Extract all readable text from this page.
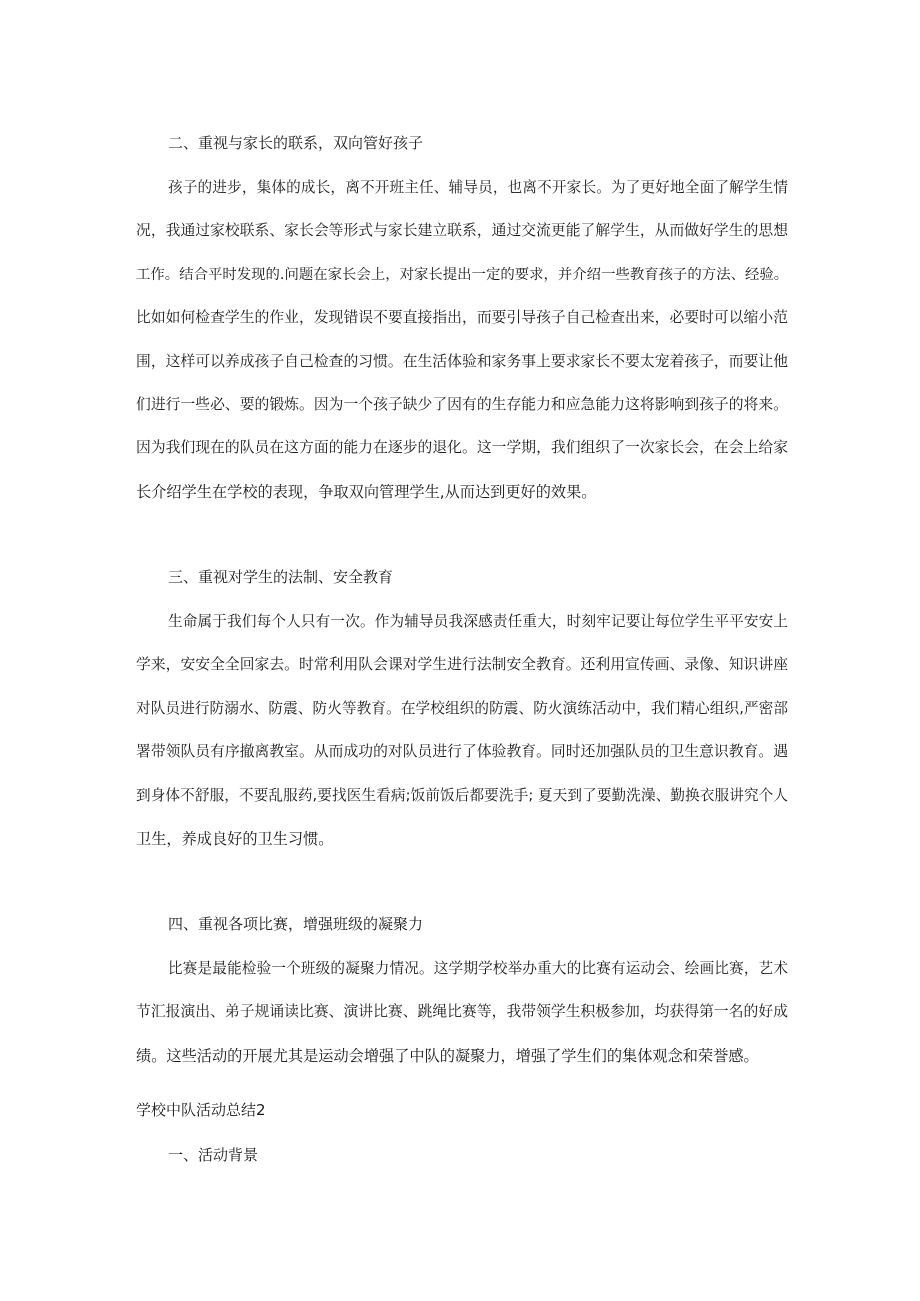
二、重视与家长的联系，双向管好孩子
孩子的进步，集体的成长，离不开班主任、辅导员，也离不开家长。为了更好地全面了解学生情
况，我通过家校联系、家长会等形式与家长建立联系，通过交流更能了解学生，从而做好学生的思想
工作。结合平时发现的.问题在家长会上，对家长提出一定的要求，并介绍一些教育孩子的方法、经验。
比如如何检查学生的作业，发现错误不要直接指出，而要引导孩子自己检查出来，必要时可以缩小范
围，这样可以养成孩子自己检查的习惯。在生活体验和家务事上要求家长不要太宠着孩子，而要让他
们进行一些必、要的锻炼。因为一个孩子缺少了因有的生存能力和应急能力这将影响到孩子的将来。
因为我们现在的队员在这方面的能力在逐步的退化。这一学期，我们组织了一次家长会，在会上给家
长介绍学生在学校的表现，争取双向管理学生,从而达到更好的效果。
三、重视对学生的法制、安全教育
生命属于我们每个人只有一次。作为辅导员我深感责任重大，时刻牢记要让每位学生平平安安上
学来，安安全全回家去。时常利用队会课对学生进行法制安全教育。还利用宣传画、录像、知识讲座
对队员进行防溺水、防震、防火等教育。在学校组织的防震、防火演练活动中，我们精心组织,严密部
署带领队员有序撤离教室。从而成功的对队员进行了体验教育。同时还加强队员的卫生意识教育。遇
到身体不舒服，不要乱服药,要找医生看病;饭前饭后都要洗手; 夏天到了要勤洗澡、勤换衣服讲究个人
卫生，养成良好的卫生习惯。
四、重视各项比赛，增强班级的凝聚力
比赛是最能检验一个班级的凝聚力情况。这学期学校举办重大的比赛有运动会、绘画比赛，艺术
节汇报演出、弟子规诵读比赛、演讲比赛、跳绳比赛等，我带领学生积极参加，均获得第一名的好成
绩。这些活动的开展尤其是运动会增强了中队的凝聚力，增强了学生们的集体观念和荣誉感。
学校中队活动总结2
一、活动背景
